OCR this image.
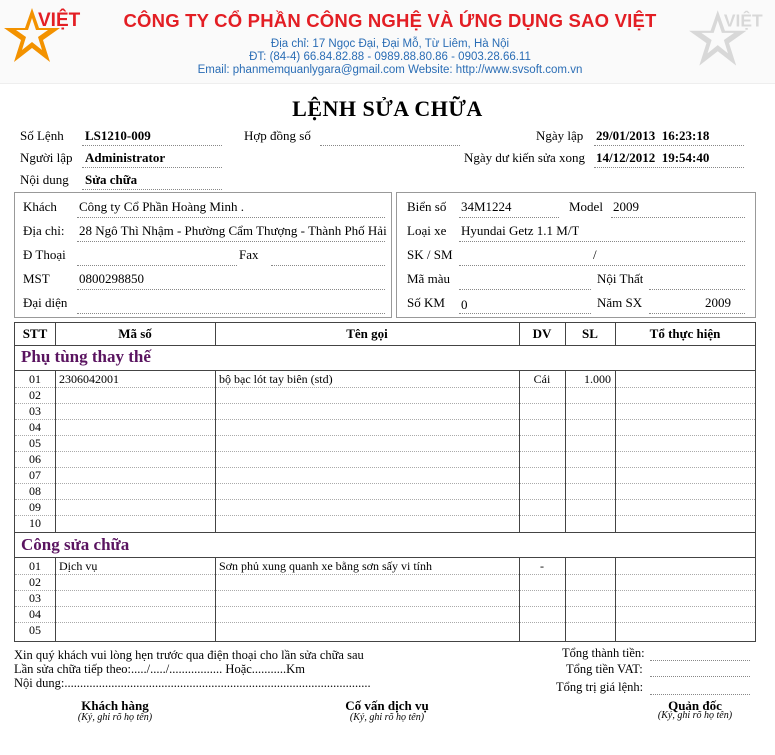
VIỆT	VIỆT
CÔNG TY CỔ PHẦN CÔNG NGHỆ VÀ ỨNG DỤNG SAO VIỆT
Địa chỉ: 17 Ngọc Đại, Đại Mỗ, Từ Liêm, Hà Nội
ĐT: (84-4) 66.84.82.88 - 0989.88.80.86 - 0903.28.66.11
Email: phanmemquanlygara@gmail.com Website: http://www.svsoft.com.vn
LỆNH SỬA CHỮA
Số Lệnh LS1210-009	Hợp đồng số	Ngày lập 29/01/2013  16:23:18
Người lập Administrator	Ngày dư kiến sửa xong 14/12/2012  19:54:40
Nội dung Sửa chữa
Khách Công ty Cổ Phần Hoàng Minh .
Địa chỉ: 28 Ngô Thì Nhậm - Phường Cẩm Thượng - Thành Phố Hải
Đ Thoại	Fax
MST 0800298850
Đại diện
Biển số 34M1224	Model 2009
Loại xe Hyundai Getz 1.1 M/T
SK / SM	/
Mã màu	Nội Thất
Số KM 0	Năm SX	2009
STT	Mã số	Tên gọi	DV	SL	Tổ thực hiện
Phụ tùng thay thế
01 2306042001	bộ bạc lót tay biên (std)	Cái	1.000
02
03
04
05
06
07
08
09
10
Công sửa chữa
01 Dịch vụ	Sơn phủ xung quanh xe bằng sơn sấy vi tính	-
02
03
04
05
Xin quý khách vui lòng hẹn trước qua điện thoại cho lần sửa chữa sau
Lần sửa chữa tiếp theo:...../...../................. Hoặc...........Km
Nội dung:..................................................................................................
Tổng thành tiền:
Tổng tiền VAT:
Tổng trị giá lệnh:
Khách hàng
(Ký, ghi rõ họ tên)
Cố vấn dịch vụ
(Ký, ghi rõ họ tên)
Quản đốc
(Ký, ghi rõ họ tên)
